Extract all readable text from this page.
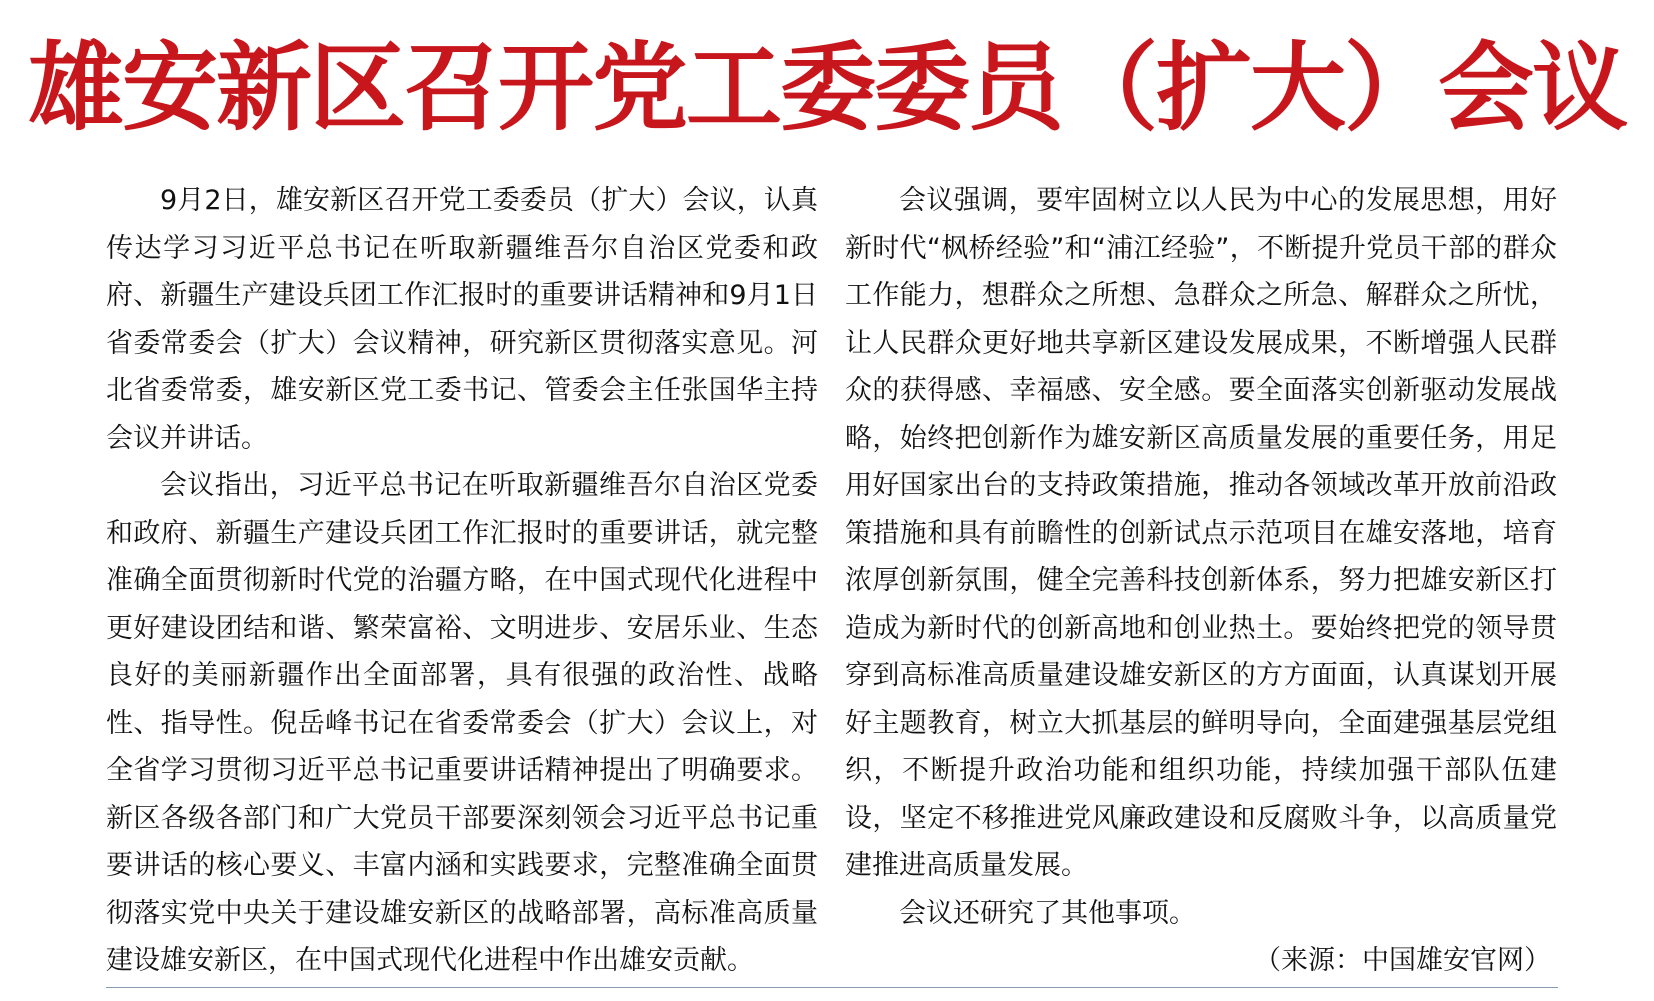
雄安新区召开党工委委员（扩大）会议

9月2日，雄安新区召开党工委委员（扩大）会议，认真传达学习习近平总书记在听取新疆维吾尔自治区党委和政府、新疆生产建设兵团工作汇报时的重要讲话精神和9月1日省委常委会（扩大）会议精神，研究新区贯彻落实意见。河北省委常委，雄安新区党工委书记、管委会主任张国华主持会议并讲话。

会议指出，习近平总书记在听取新疆维吾尔自治区党委和政府、新疆生产建设兵团工作汇报时的重要讲话，就完整准确全面贯彻新时代党的治疆方略，在中国式现代化进程中更好建设团结和谐、繁荣富裕、文明进步、安居乐业、生态良好的美丽新疆作出全面部署，具有很强的政治性、战略性、指导性。倪岳峰书记在省委常委会（扩大）会议上，对全省学习贯彻习近平总书记重要讲话精神提出了明确要求。新区各级各部门和广大党员干部要深刻领会习近平总书记重要讲话的核心要义、丰富内涵和实践要求，完整准确全面贯彻落实党中央关于建设雄安新区的战略部署，高标准高质量建设雄安新区，在中国式现代化进程中作出雄安贡献。

会议强调，要牢固树立以人民为中心的发展思想，用好新时代“枫桥经验”和“浦江经验”，不断提升党员干部的群众工作能力，想群众之所想、急群众之所急、解群众之所忧，让人民群众更好地共享新区建设发展成果，不断增强人民群众的获得感、幸福感、安全感。要全面落实创新驱动发展战略，始终把创新作为雄安新区高质量发展的重要任务，用足用好国家出台的支持政策措施，推动各领域改革开放前沿政策措施和具有前瞻性的创新试点示范项目在雄安落地，培育浓厚创新氛围，健全完善科技创新体系，努力把雄安新区打造成为新时代的创新高地和创业热土。要始终把党的领导贯穿到高标准高质量建设雄安新区的方方面面，认真谋划开展好主题教育，树立大抓基层的鲜明导向，全面建强基层党组织，不断提升政治功能和组织功能，持续加强干部队伍建设，坚定不移推进党风廉政建设和反腐败斗争，以高质量党建推进高质量发展。

会议还研究了其他事项。

（来源：中国雄安官网）
